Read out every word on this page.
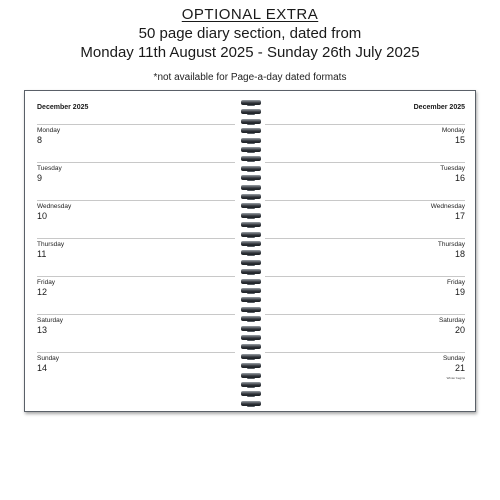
OPTIONAL EXTRA
50 page diary section, dated from
Monday 11th August 2025 - Sunday 26th July 2025
*not available for Page-a-day dated formats
December 2025
Monday
8
Tuesday
9
Wednesday
10
Thursday
11
Friday
12
Saturday
13
Sunday
14
December 2025
Monday
15
Tuesday
16
Wednesday
17
Thursday
18
Friday
19
Saturday
20
Sunday
21
Winter begins
